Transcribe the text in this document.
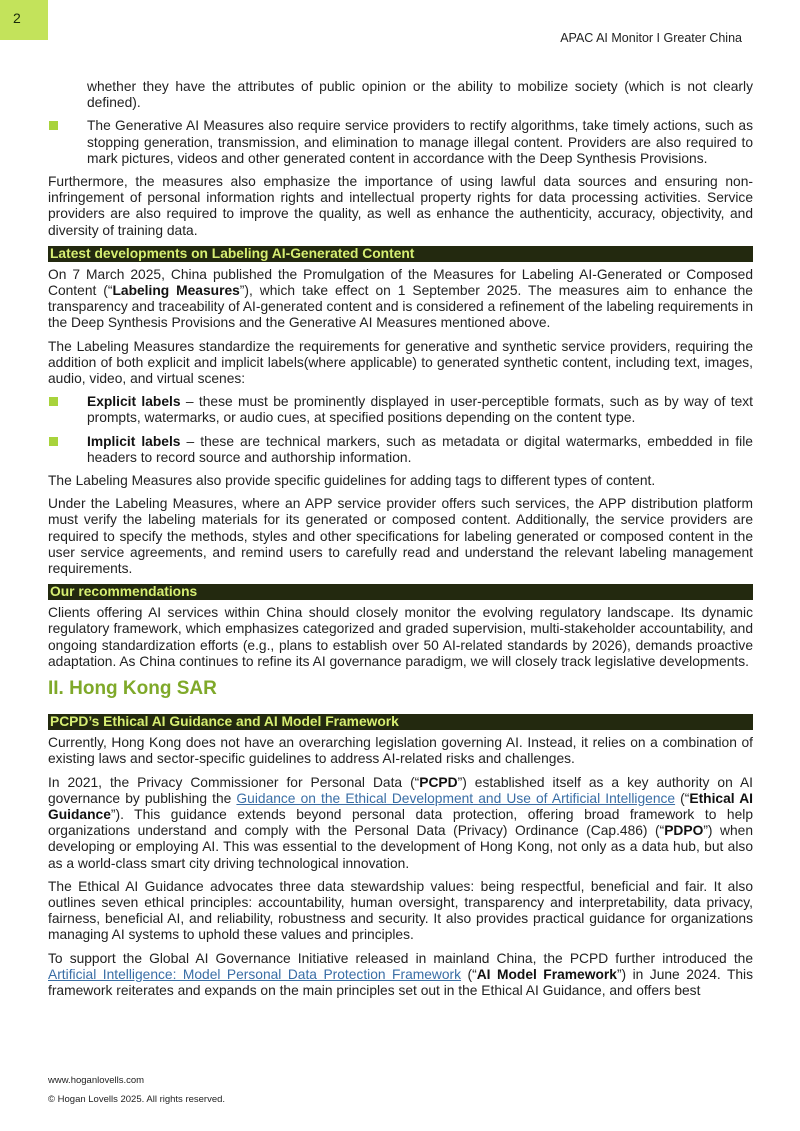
2
APAC AI Monitor I Greater China

whether they have the attributes of public opinion or the ability to mobilize society (which is not clearly defined).

The Generative AI Measures also require service providers to rectify algorithms, take timely actions, such as stopping generation, transmission, and elimination to manage illegal content. Providers are also required to mark pictures, videos and other generated content in accordance with the Deep Synthesis Provisions.

Furthermore, the measures also emphasize the importance of using lawful data sources and ensuring non-infringement of personal information rights and intellectual property rights for data processing activities. Service providers are also required to improve the quality, as well as enhance the authenticity, accuracy, objectivity, and diversity of training data.

Latest developments on Labeling AI-Generated Content

On 7 March 2025, China published the Promulgation of the Measures for Labeling AI-Generated or Composed Content (“Labeling Measures”), which take effect on 1 September 2025. The measures aim to enhance the transparency and traceability of AI-generated content and is considered a refinement of the labeling requirements in the Deep Synthesis Provisions and the Generative AI Measures mentioned above.

The Labeling Measures standardize the requirements for generative and synthetic service providers, requiring the addition of both explicit and implicit labels(where applicable) to generated synthetic content, including text, images, audio, video, and virtual scenes:

Explicit labels – these must be prominently displayed in user-perceptible formats, such as by way of text prompts, watermarks, or audio cues, at specified positions depending on the content type.
Implicit labels – these are technical markers, such as metadata or digital watermarks, embedded in file headers to record source and authorship information.

The Labeling Measures also provide specific guidelines for adding tags to different types of content.

Under the Labeling Measures, where an APP service provider offers such services, the APP distribution platform must verify the labeling materials for its generated or composed content. Additionally, the service providers are required to specify the methods, styles and other specifications for labeling generated or composed content in the user service agreements, and remind users to carefully read and understand the relevant labeling management requirements.

Our recommendations

Clients offering AI services within China should closely monitor the evolving regulatory landscape. Its dynamic regulatory framework, which emphasizes categorized and graded supervision, multi-stakeholder accountability, and ongoing standardization efforts (e.g., plans to establish over 50 AI-related standards by 2026), demands proactive adaptation. As China continues to refine its AI governance paradigm, we will closely track legislative developments.

II. Hong Kong SAR
PCPD’s Ethical AI Guidance and AI Model Framework

Currently, Hong Kong does not have an overarching legislation governing AI. Instead, it relies on a combination of existing laws and sector-specific guidelines to address AI-related risks and challenges.

In 2021, the Privacy Commissioner for Personal Data (“PCPD”) established itself as a key authority on AI governance by publishing the Guidance on the Ethical Development and Use of Artificial Intelligence (“Ethical AI Guidance”). This guidance extends beyond personal data protection, offering broad framework to help organizations understand and comply with the Personal Data (Privacy) Ordinance (Cap.486) (“PDPO”) when developing or employing AI. This was essential to the development of Hong Kong, not only as a data hub, but also as a world-class smart city driving technological innovation.

The Ethical AI Guidance advocates three data stewardship values: being respectful, beneficial and fair. It also outlines seven ethical principles: accountability, human oversight, transparency and interpretability, data privacy, fairness, beneficial AI, and reliability, robustness and security. It also provides practical guidance for organizations managing AI systems to uphold these values and principles.

To support the Global AI Governance Initiative released in mainland China, the PCPD further introduced the Artificial Intelligence: Model Personal Data Protection Framework (“AI Model Framework”) in June 2024. This framework reiterates and expands on the main principles set out in the Ethical AI Guidance, and offers best

www.hoganlovells.com
© Hogan Lovells 2025. All rights reserved.
